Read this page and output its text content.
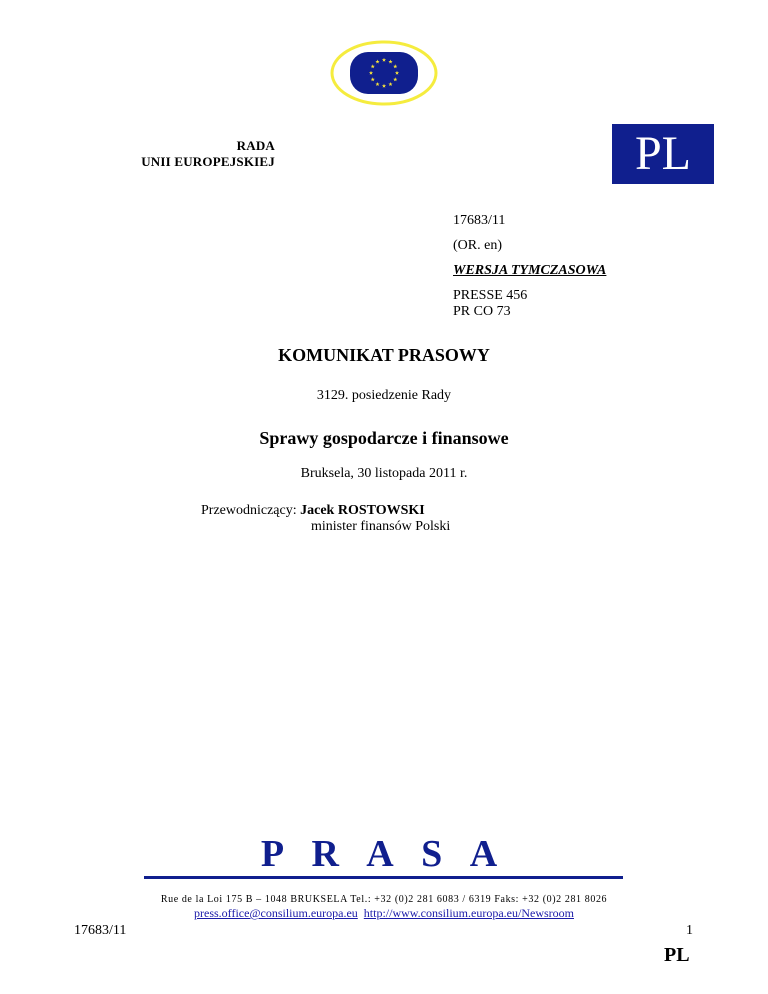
RADA
UNII EUROPEJSKIEJ	PL
17683/11
(OR. en)
WERSJA TYMCZASOWA
PRESSE 456
PR CO 73
KOMUNIKAT PRASOWY
3129. posiedzenie Rady
Sprawy gospodarcze i finansowe
Bruksela, 30 listopada 2011 r.
Przewodniczący: Jacek ROSTOWSKI
minister finansów Polski
P R A S A
Rue de la Loi 175 B – 1048 BRUKSELA Tel.: +32 (0)2 281 6083 / 6319 Faks: +32 (0)2 281 8026
press.office@consilium.europa.eu http://www.consilium.europa.eu/Newsroom
17683/11	1
PL
